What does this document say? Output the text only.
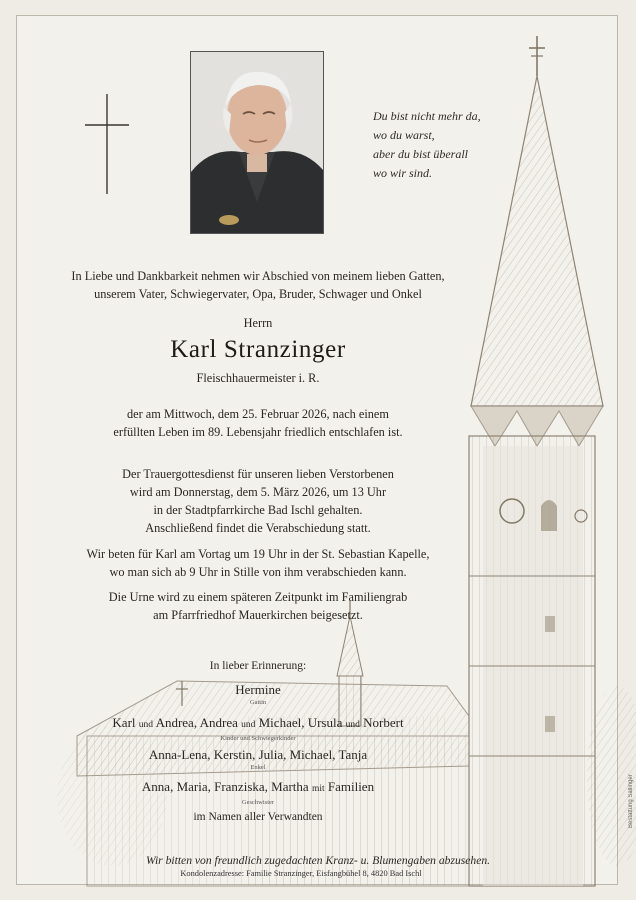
Du bist nicht mehr da,
wo du warst,
aber du bist überall
wo wir sind.
In Liebe und Dankbarkeit nehmen wir Abschied von meinem lieben Gatten,
unserem Vater, Schwiegervater, Opa, Bruder, Schwager und Onkel
Herrn
Karl Stranzinger
Fleischhauermeister i. R.
der am Mittwoch, dem 25. Februar 2026, nach einem
erfüllten Leben im 89. Lebensjahr friedlich entschlafen ist.
Der Trauergottesdienst für unseren lieben Verstorbenen
wird am Donnerstag, dem 5. März 2026, um 13 Uhr
in der Stadtpfarrkirche Bad Ischl gehalten.
Anschließend findet die Verabschiedung statt.
Wir beten für Karl am Vortag um 19 Uhr in der St. Sebastian Kapelle,
wo man sich ab 9 Uhr in Stille von ihm verabschieden kann.
Die Urne wird zu einem späteren Zeitpunkt im Familiengrab
am Pfarrfriedhof Mauerkirchen beigesetzt.
In lieber Erinnerung:
Hermine
Gattin
Karl und Andrea, Andrea und Michael, Ursula und Norbert
Kinder und Schwiegerkinder
Anna-Lena, Kerstin, Julia, Michael, Tanja
Enkel
Anna, Maria, Franziska, Martha mit Familien
Geschwister
im Namen aller Verwandten
Wir bitten von freundlich zugedachten Kranz- u. Blumengaben abzusehen.
Bestattung Sallinger
Kondolenzadresse: Familie Stranzinger, Eisfangbühel 8, 4820 Bad Ischl
